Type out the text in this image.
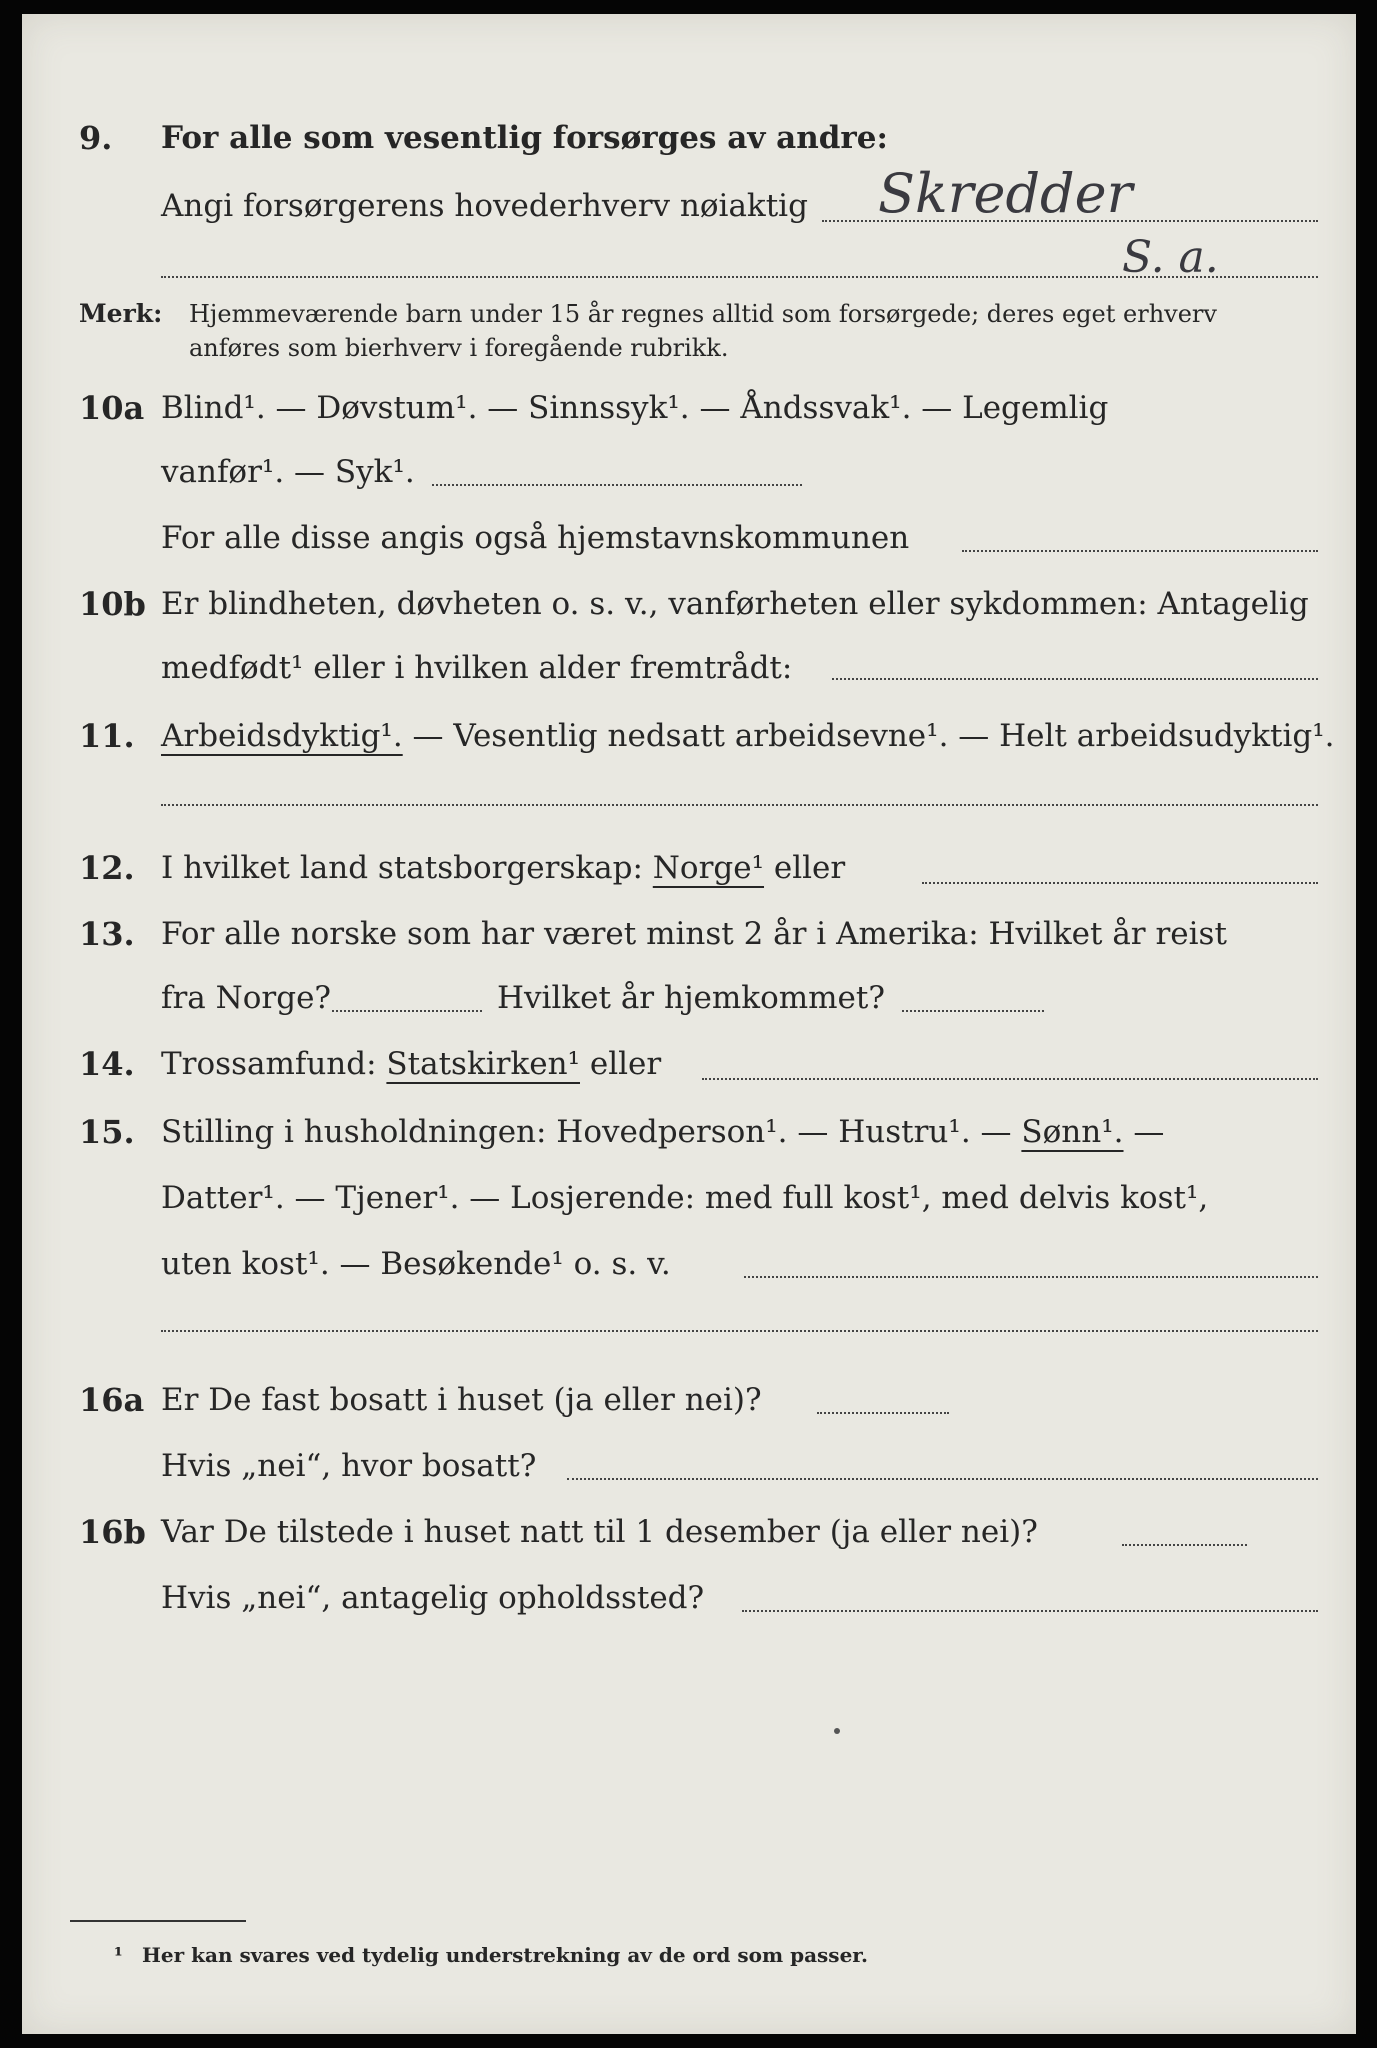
9. For alle som vesentlig forsørges av andre:
Angi forsørgerens hovederhverv nøiaktig Skredder
S. a.
Merk: Hjemmeværende barn under 15 år regnes alltid som forsørgede; deres eget erhverv
anføres som bierhverv i foregående rubrikk.
10a Blind¹. — Døvstum¹. — Sinnssyk¹. — Åndssvak¹. — Legemlig
vanfør¹. — Syk¹.
For alle disse angis også hjemstavnskommunen
10b Er blindheten, døvheten o. s. v., vanførheten eller sykdommen: Antagelig
medfødt¹ eller i hvilken alder fremtrådt:
11. Arbeidsdyktig¹. — Vesentlig nedsatt arbeidsevne¹. — Helt arbeidsudyktig¹.
12. I hvilket land statsborgerskap: Norge¹ eller
13. For alle norske som har været minst 2 år i Amerika: Hvilket år reist
fra Norge?	Hvilket år hjemkommet?
14. Trossamfund: Statskirken¹ eller
15. Stilling i husholdningen: Hovedperson¹. — Hustru¹. — Sønn¹. —
Datter¹. — Tjener¹. — Losjerende: med full kost¹, med delvis kost¹,
uten kost¹. — Besøkende¹ o. s. v.
16a Er De fast bosatt i huset (ja eller nei)?
Hvis „nei“, hvor bosatt?
16b Var De tilstede i huset natt til 1 desember (ja eller nei)?
Hvis „nei“, antagelig opholdssted?
¹ Her kan svares ved tydelig understrekning av de ord som passer.
